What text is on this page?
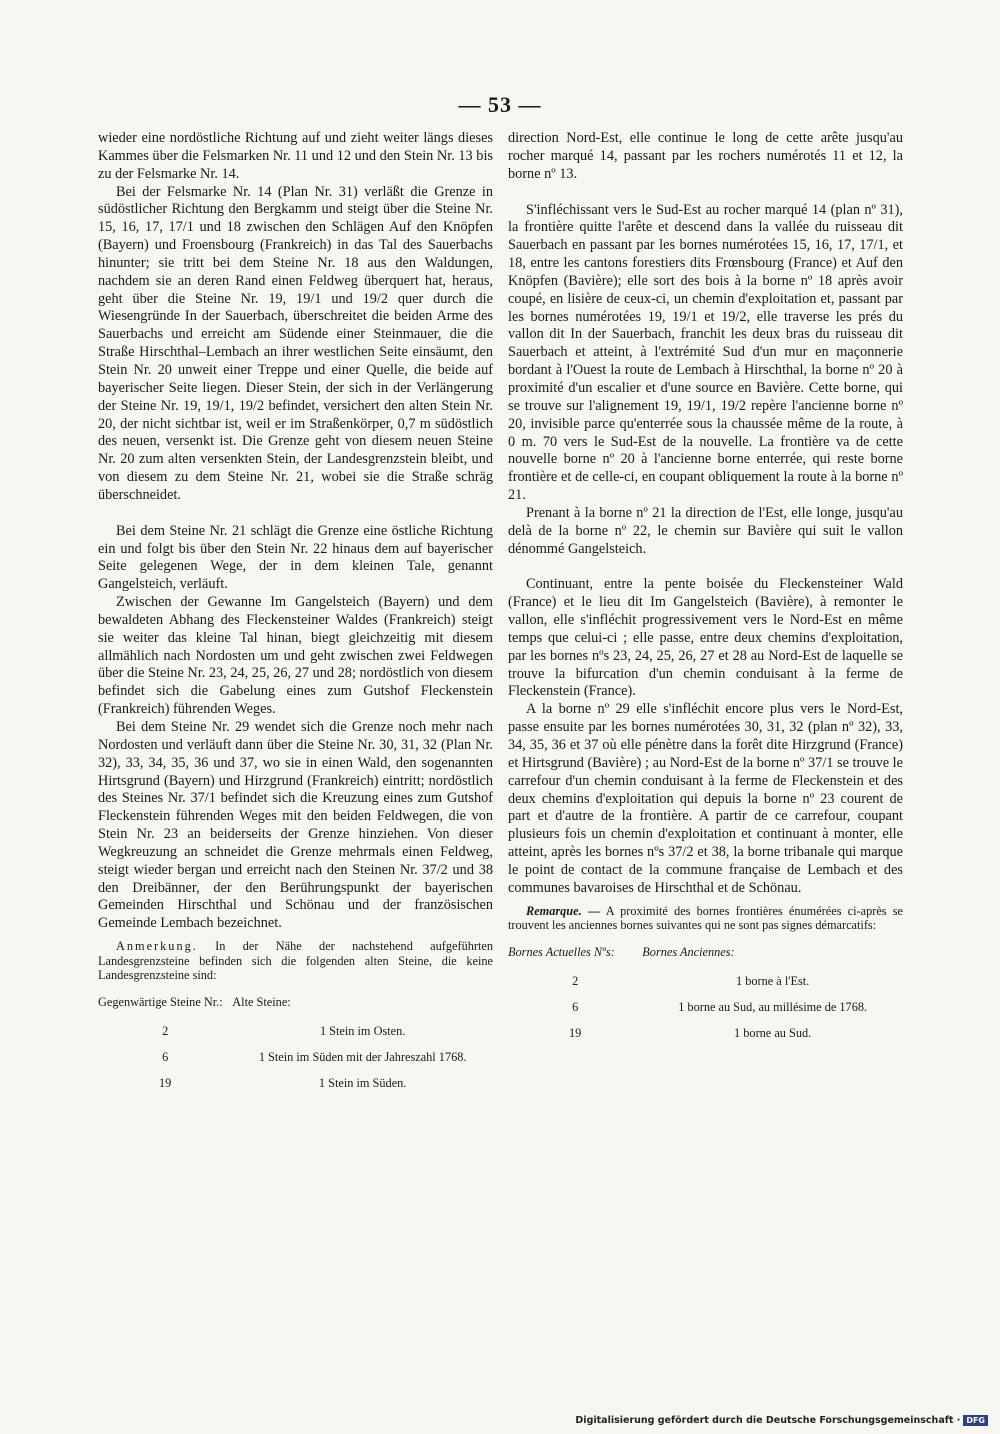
— 53 —

wieder eine nordöstliche Richtung auf und zieht weiter längs dieses Kammes über die Felsmarken Nr. 11 und 12 und den Stein Nr. 13 bis zu der Felsmarke Nr. 14.

Bei der Felsmarke Nr. 14 (Plan Nr. 31) verläßt die Grenze in südöstlicher Richtung den Bergkamm und steigt über die Steine Nr. 15, 16, 17, 17/1 und 18 zwischen den Schlägen Auf den Knöpfen (Bayern) und Froensbourg (Frankreich) in das Tal des Sauerbachs hinunter; sie tritt bei dem Steine Nr. 18 aus den Waldungen, nachdem sie an deren Rand einen Feldweg überquert hat, heraus, geht über die Steine Nr. 19, 19/1 und 19/2 quer durch die Wiesengründe In der Sauerbach, überschreitet die beiden Arme des Sauerbachs und erreicht am Südende einer Steinmauer, die die Straße Hirschthal–Lembach an ihrer westlichen Seite einsäumt, den Stein Nr. 20 unweit einer Treppe und einer Quelle, die beide auf bayerischer Seite liegen. Dieser Stein, der sich in der Verlängerung der Steine Nr. 19, 19/1, 19/2 befindet, versichert den alten Stein Nr. 20, der nicht sichtbar ist, weil er im Straßenkörper, 0,7 m südöstlich des neuen, versenkt ist. Die Grenze geht von diesem neuen Steine Nr. 20 zum alten versenkten Stein, der Landesgrenzstein bleibt, und von diesem zu dem Steine Nr. 21, wobei sie die Straße schräg überschneidet.

Bei dem Steine Nr. 21 schlägt die Grenze eine östliche Richtung ein und folgt bis über den Stein Nr. 22 hinaus dem auf bayerischer Seite gelegenen Wege, der in dem kleinen Tale, genannt Gangelsteich, verläuft.

Zwischen der Gewanne Im Gangelsteich (Bayern) und dem bewaldeten Abhang des Fleckensteiner Waldes (Frankreich) steigt sie weiter das kleine Tal hinan, biegt gleichzeitig mit diesem allmählich nach Nordosten um und geht zwischen zwei Feldwegen über die Steine Nr. 23, 24, 25, 26, 27 und 28; nordöstlich von diesem befindet sich die Gabelung eines zum Gutshof Fleckenstein (Frankreich) führenden Weges.

Bei dem Steine Nr. 29 wendet sich die Grenze noch mehr nach Nordosten und verläuft dann über die Steine Nr. 30, 31, 32 (Plan Nr. 32), 33, 34, 35, 36 und 37, wo sie in einen Wald, den sogenannten Hirtsgrund (Bayern) und Hirzgrund (Frankreich) eintritt; nordöstlich des Steines Nr. 37/1 befindet sich die Kreuzung eines zum Gutshof Fleckenstein führenden Weges mit den beiden Feldwegen, die von Stein Nr. 23 an beiderseits der Grenze hinziehen. Von dieser Wegkreuzung an schneidet die Grenze mehrmals einen Feldweg, steigt wieder bergan und erreicht nach den Steinen Nr. 37/2 und 38 den Dreibänner, der den Berührungspunkt der bayerischen Gemeinden Hirschthal und Schönau und der französischen Gemeinde Lembach bezeichnet.

Anmerkung. In der Nähe der nachstehend aufgeführten Landesgrenzsteine befinden sich die folgenden alten Steine, die keine Landesgrenzsteine sind:

Gegenwärtige Steine Nr.:	Alte Steine:
2	1 Stein im Osten.
6	1 Stein im Süden mit der Jahreszahl 1768.
19	1 Stein im Süden.

direction Nord-Est, elle continue le long de cette arête jusqu'au rocher marqué 14, passant par les rochers numérotés 11 et 12, la borne nº 13.

S'infléchissant vers le Sud-Est au rocher marqué 14 (plan nº 31), la frontière quitte l'arête et descend dans la vallée du ruisseau dit Sauerbach en passant par les bornes numérotées 15, 16, 17, 17/1, et 18, entre les cantons forestiers dits Frœnsbourg (France) et Auf den Knöpfen (Bavière); elle sort des bois à la borne nº 18 après avoir coupé, en lisière de ceux-ci, un chemin d'exploitation et, passant par les bornes numérotées 19, 19/1 et 19/2, elle traverse les prés du vallon dit In der Sauerbach, franchit les deux bras du ruisseau dit Sauerbach et atteint, à l'extrémité Sud d'un mur en maçonnerie bordant à l'Ouest la route de Lembach à Hirschthal, la borne nº 20 à proximité d'un escalier et d'une source en Bavière. Cette borne, qui se trouve sur l'alignement 19, 19/1, 19/2 repère l'ancienne borne nº 20, invisible parce qu'enterrée sous la chaussée même de la route, à 0 m. 70 vers le Sud-Est de la nouvelle. La frontière va de cette nouvelle borne nº 20 à l'ancienne borne enterrée, qui reste borne frontière et de celle-ci, en coupant obliquement la route à la borne nº 21.

Prenant à la borne nº 21 la direction de l'Est, elle longe, jusqu'au delà de la borne nº 22, le chemin sur Bavière qui suit le vallon dénommé Gangelsteich.

Continuant, entre la pente boisée du Fleckensteiner Wald (France) et le lieu dit Im Gangelsteich (Bavière), à remonter le vallon, elle s'infléchit progressivement vers le Nord-Est en même temps que celui-ci ; elle passe, entre deux chemins d'exploitation, par les bornes nºs 23, 24, 25, 26, 27 et 28 au Nord-Est de laquelle se trouve la bifurcation d'un chemin conduisant à la ferme de Fleckenstein (France).

A la borne nº 29 elle s'infléchit encore plus vers le Nord-Est, passe ensuite par les bornes numérotées 30, 31, 32 (plan nº 32), 33, 34, 35, 36 et 37 où elle pénètre dans la forêt dite Hirzgrund (France) et Hirtsgrund (Bavière) ; au Nord-Est de la borne nº 37/1 se trouve le carrefour d'un chemin conduisant à la ferme de Fleckenstein et des deux chemins d'exploitation qui depuis la borne nº 23 courent de part et d'autre de la frontière. A partir de ce carrefour, coupant plusieurs fois un chemin d'exploitation et continuant à monter, elle atteint, après les bornes nºs 37/2 et 38, la borne tribanale qui marque le point de contact de la commune française de Lembach et des communes bavaroises de Hirschthal et de Schönau.

Remarque. — A proximité des bornes frontières énumérées ci-après se trouvent les anciennes bornes suivantes qui ne sont pas signes démarcatifs:

Bornes Actuelles Nºs:	Bornes Anciennes:
2	1 borne à l'Est.
6	1 borne au Sud, au millésime de 1768.
19	1 borne au Sud.
Digitalisierung gefördert durch die Deutsche Forschungsgemeinschaft · DFG
